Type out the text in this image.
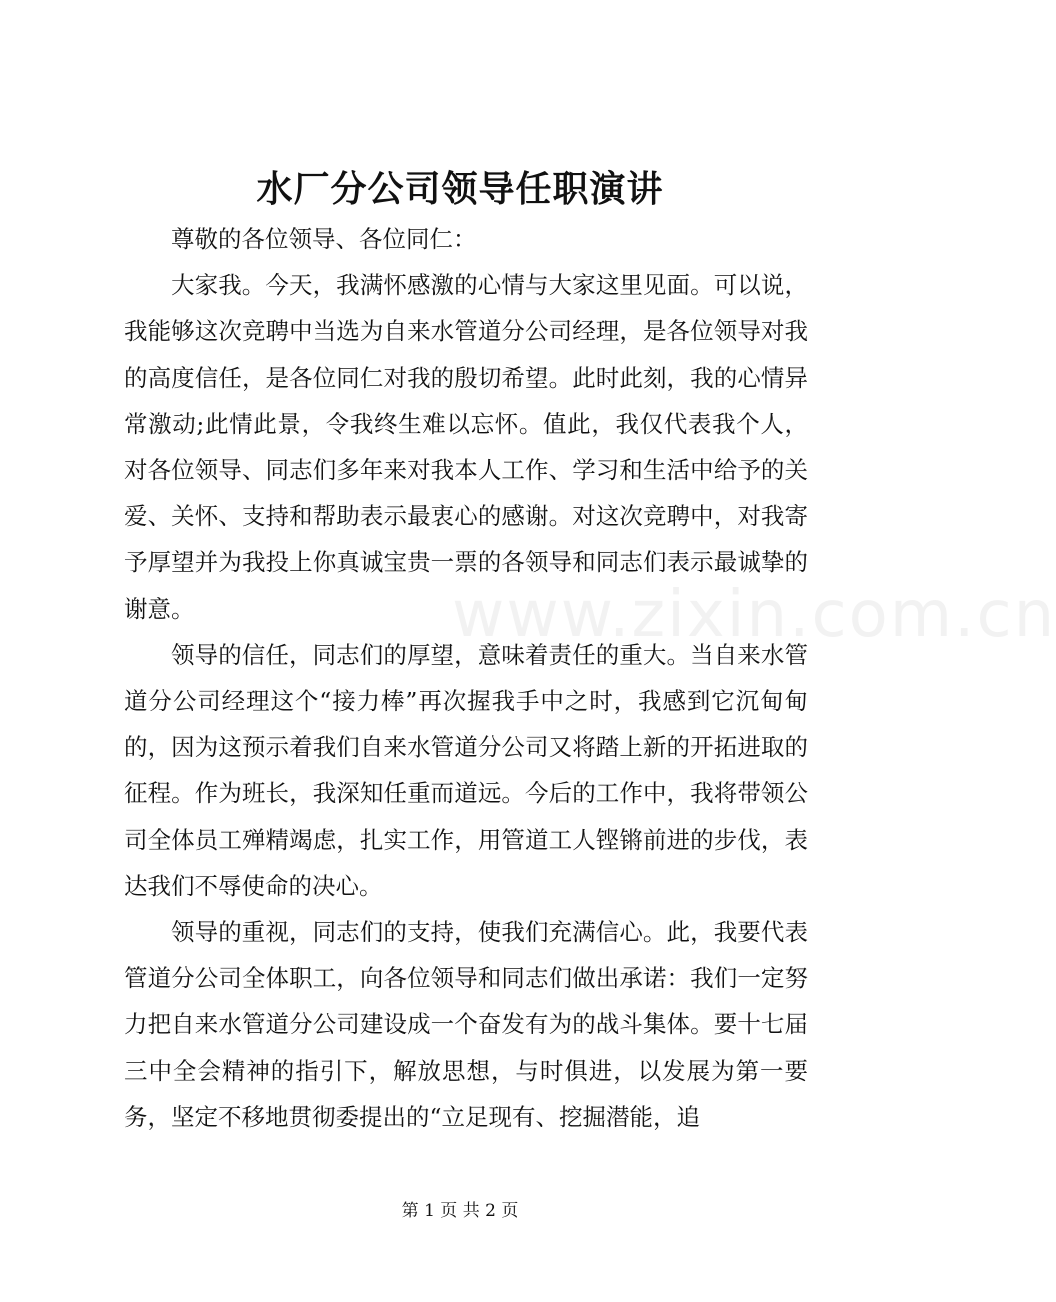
水厂分公司领导任职演讲

尊敬的各位领导、各位同仁：

大家我。今天，我满怀感激的心情与大家这里见面。可以说，我能够这次竞聘中当选为自来水管道分公司经理，是各位领导对我的高度信任，是各位同仁对我的殷切希望。此时此刻，我的心情异常激动;此情此景，令我终生难以忘怀。值此，我仅代表我个人，对各位领导、同志们多年来对我本人工作、学习和生活中给予的关爱、关怀、支持和帮助表示最衷心的感谢。对这次竞聘中，对我寄予厚望并为我投上你真诚宝贵一票的各领导和同志们表示最诚挚的谢意。

领导的信任，同志们的厚望，意味着责任的重大。当自来水管道分公司经理这个“接力棒”再次握我手中之时，我感到它沉甸甸的，因为这预示着我们自来水管道分公司又将踏上新的开拓进取的征程。作为班长，我深知任重而道远。今后的工作中，我将带领公司全体员工殚精竭虑，扎实工作，用管道工人铿锵前进的步伐，表达我们不辱使命的决心。

领导的重视，同志们的支持，使我们充满信心。此，我要代表管道分公司全体职工，向各位领导和同志们做出承诺：我们一定努力把自来水管道分公司建设成一个奋发有为的战斗集体。要十七届三中全会精神的指引下，解放思想，与时俱进，以发展为第一要务，坚定不移地贯彻委提出的“立足现有、挖掘潜能，追

www.zixin.com.cn
第 1 页 共 2 页
